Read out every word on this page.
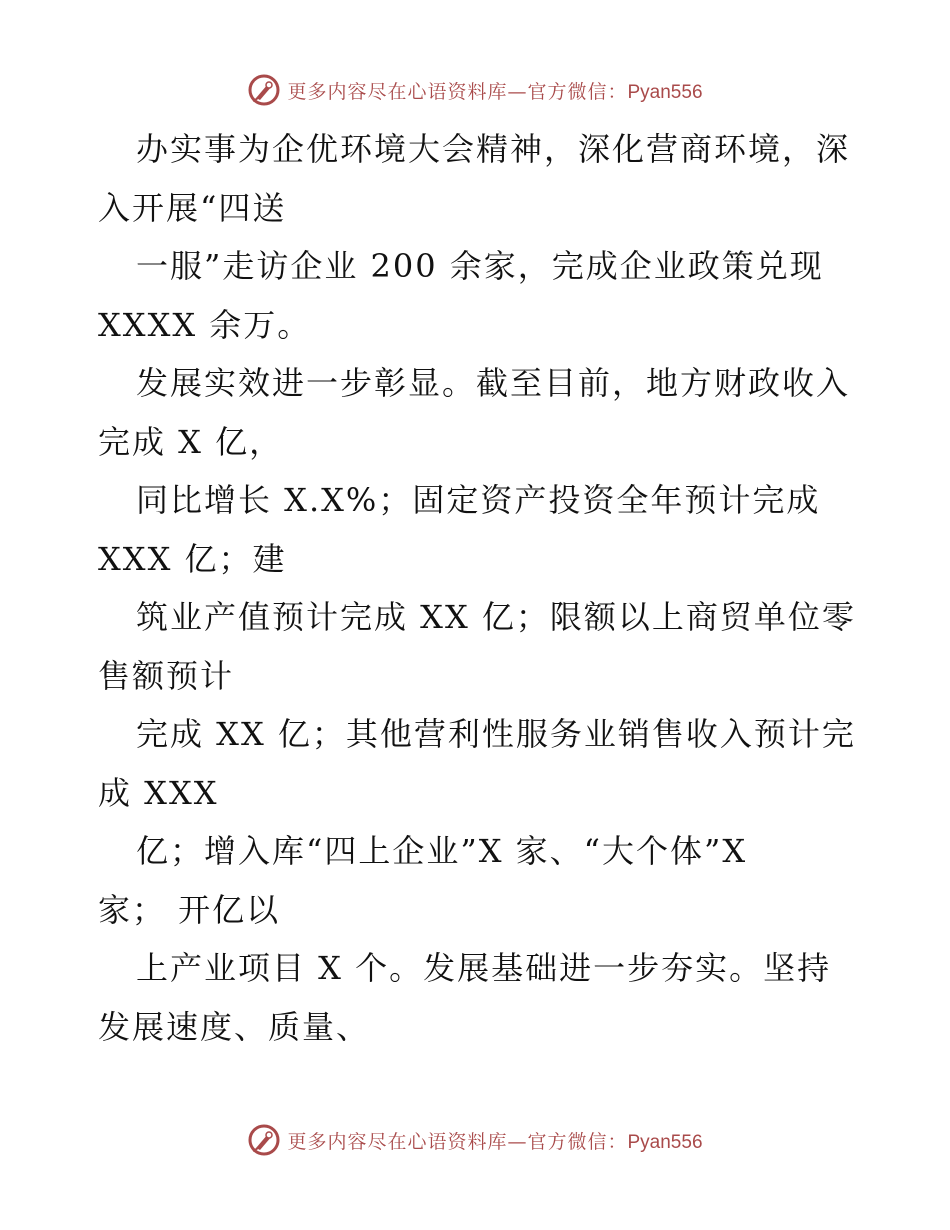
更多内容尽在心语资料库—官方微信：Pyan556
办实事为企优环境大会精神，深化营商环境，深
入开展“四送
一服”走访企业 200 余家，完成企业政策兑现
XXXX 余万。
发展实效进一步彰显。截至目前，地方财政收入
完成 X 亿，
同比增长 X.X%；固定资产投资全年预计完成
XXX 亿；建
筑业产值预计完成 XX 亿；限额以上商贸单位零
售额预计
完成 XX 亿；其他营利性服务业销售收入预计完
成 XXX
亿；增入库“四上企业”X 家、“大个体”X
家； 开亿以
上产业项目 X 个。发展基础进一步夯实。坚持
发展速度、质量、
更多内容尽在心语资料库—官方微信：Pyan556
